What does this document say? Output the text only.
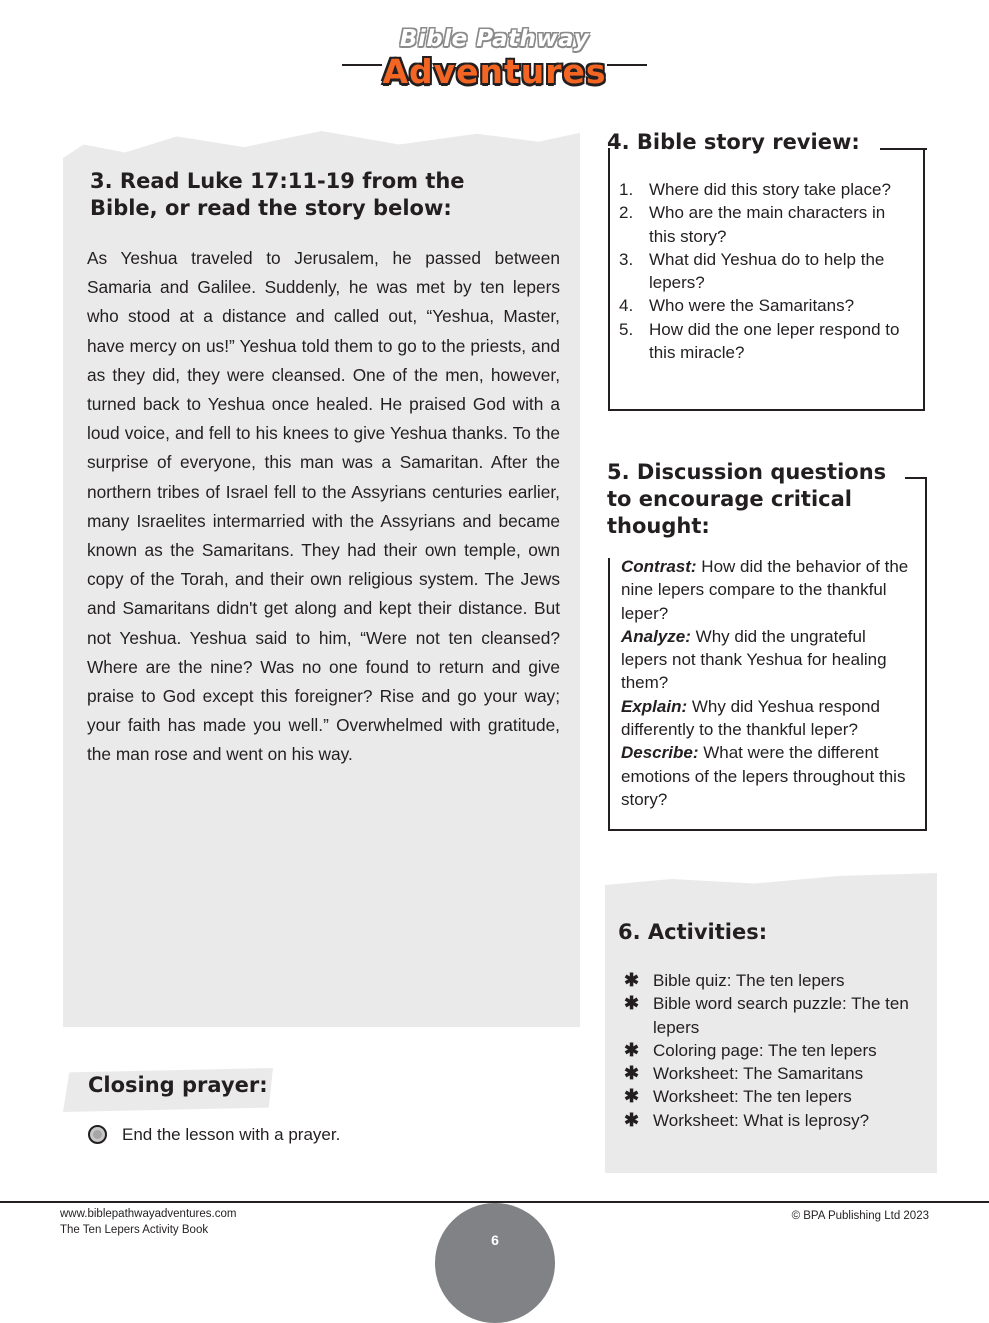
Bible Pathway
Adventures
3. Read Luke 17:11-19 from the
Bible, or read the story below:
As Yeshua traveled to Jerusalem, he passed between Samaria and Galilee. Suddenly, he was met by ten lepers who stood at a distance and called out, “Yeshua, Master, have mercy on us!” Yeshua told them to go to the priests, and as they did, they were cleansed. One of the men, however, turned back to Yeshua once healed. He praised God with a loud voice, and fell to his knees to give Yeshua thanks. To the surprise of everyone, this man was a Samaritan. After the northern tribes of Israel fell to the Assyrians centuries earlier, many Israelites intermarried with the Assyrians and became known as the Samaritans. They had their own temple, own copy of the Torah, and their own religious system. The Jews and Samaritans didn't get along and kept their distance. But not Yeshua. Yeshua said to him, “Were not ten cleansed? Where are the nine? Was no one found to return and give praise to God except this foreigner? Rise and go your way; your faith has made you well.” Overwhelmed with gratitude, the man rose and went on his way.
4. Bible story review:
1. Where did this story take place?
2. Who are the main characters in this story?
3. What did Yeshua do to help the lepers?
4. Who were the Samaritans?
5. How did the one leper respond to this miracle?
5. Discussion questions
to encourage critical
thought:
Contrast: How did the behavior of the nine lepers compare to the thankful leper?
Analyze: Why did the ungrateful lepers not thank Yeshua for healing them?
Explain: Why did Yeshua respond differently to the thankful leper?
Describe: What were the different emotions of the lepers throughout this story?
6. Activities:
✱ Bible quiz: The ten lepers
✱ Bible word search puzzle: The ten lepers
✱ Coloring page: The ten lepers
✱ Worksheet: The Samaritans
✱ Worksheet: The ten lepers
✱ Worksheet: What is leprosy?
Closing prayer:
End the lesson with a prayer.
www.biblepathwayadventures.com
The Ten Lepers Activity Book
© BPA Publishing Ltd 2023
6
